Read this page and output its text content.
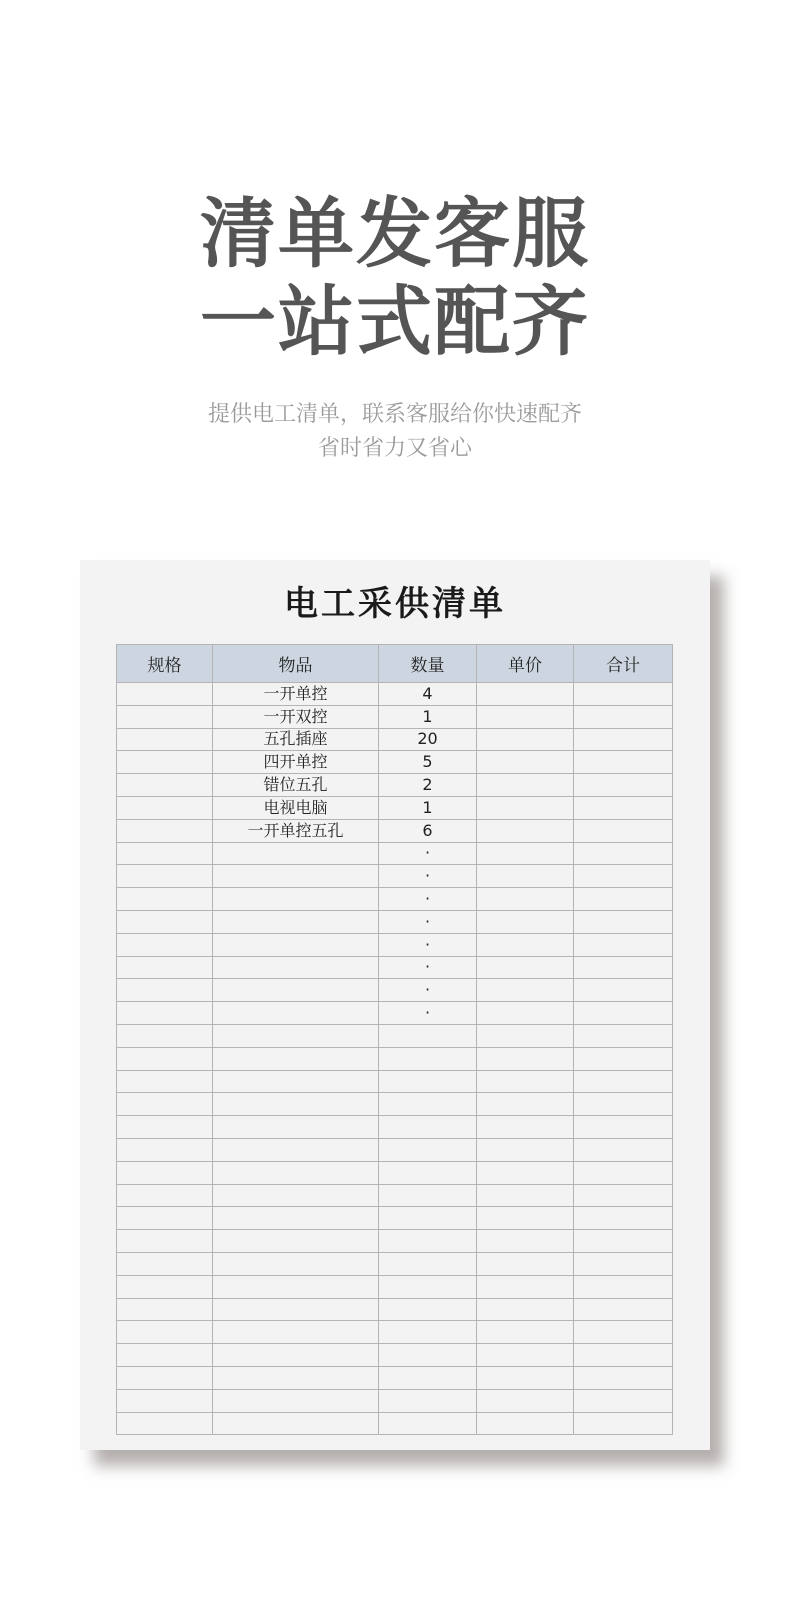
清单发客服
一站式配齐

提供电工清单，联系客服给你快速配齐

省时省力又省心

电工采供清单
规格	物品	数量	单价	合计
	一开单控	4		
	一开双控	1		
	五孔插座	20		
	四开单控	5		
	错位五孔	2		
	电视电脑	1		
	一开单控五孔	6		
		·		
		·		
		·		
		·		
		·		
		·		
		·		
		·		
